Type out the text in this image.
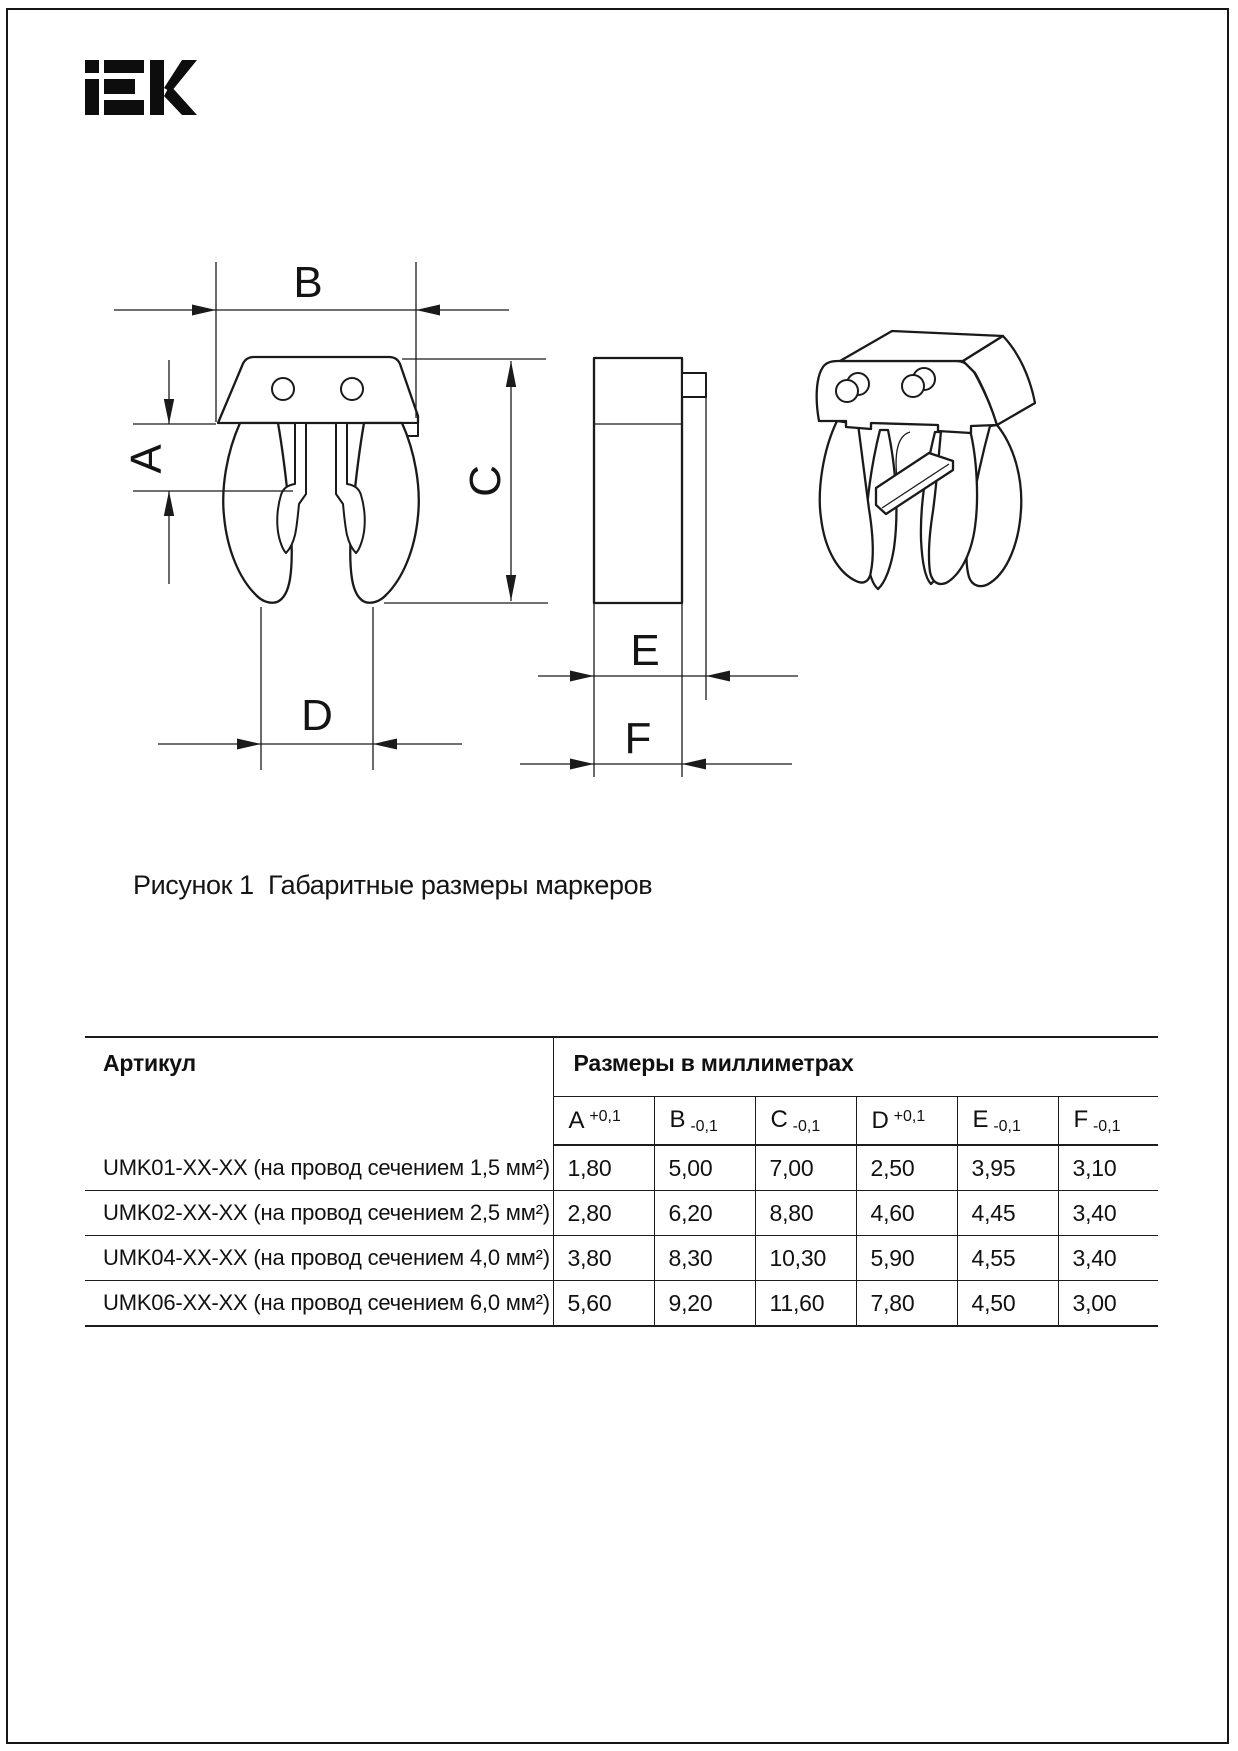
B
A
C
D
E
F
Рисунок 1  Габаритные размеры маркеров
Артикул	Размеры в миллиметрах					
	A $^{+0,1}$	B $_{-0,1}$	C $_{-0,1}$	D $^{+0,1}$	E $_{-0,1}$	F $_{-0,1}$
UMK01-XX-XX (на провод сечением 1,5 мм²)	1,80	5,00	7,00	2,50	3,95	3,10
UMK02-XX-XX (на провод сечением 2,5 мм²)	2,80	6,20	8,80	4,60	4,45	3,40
UMK04-XX-XX (на провод сечением 4,0 мм²)	3,80	8,30	10,30	5,90	4,55	3,40
UMK06-XX-XX (на провод сечением 6,0 мм²)	5,60	9,20	11,60	7,80	4,50	3,00
